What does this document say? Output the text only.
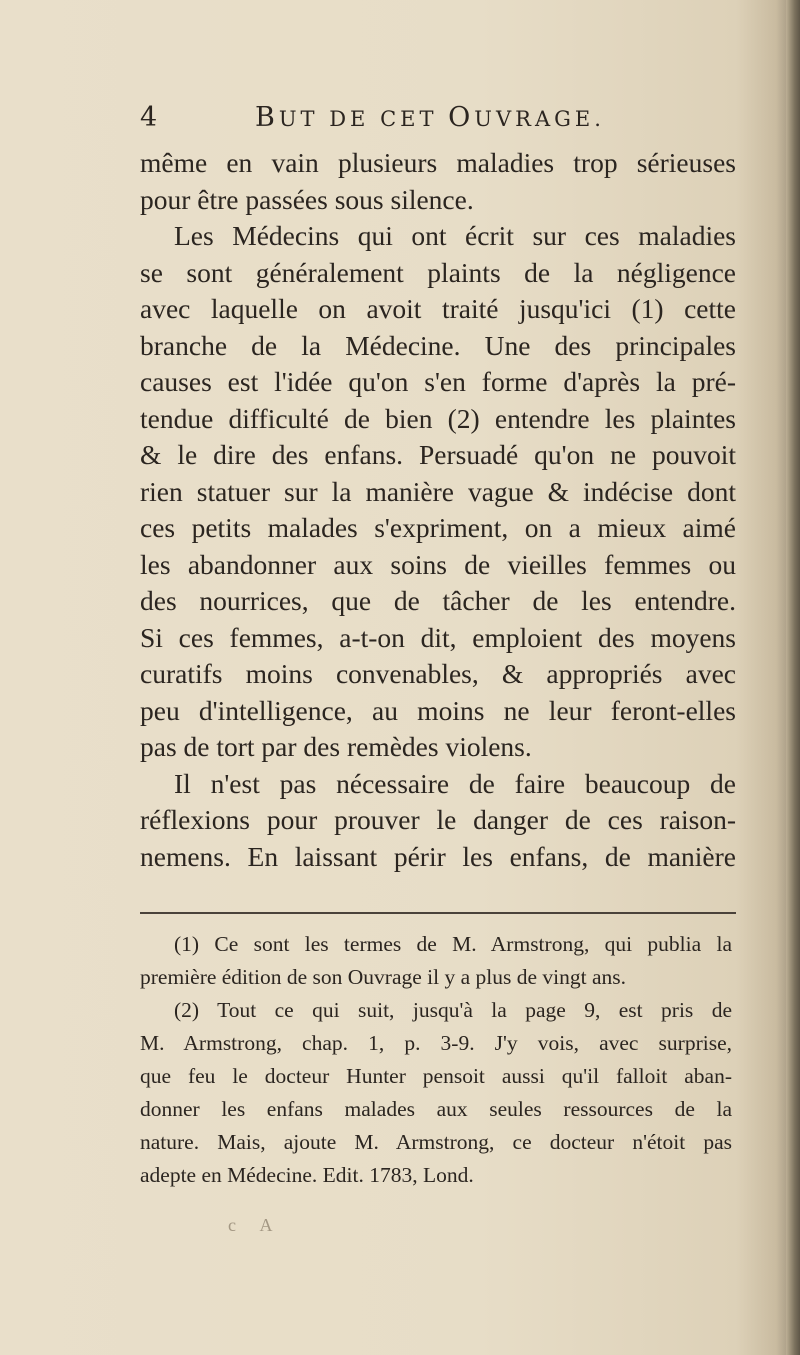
4	BUT DE CET OUVRAGE.
même en vain plusieurs maladies trop sérieuses
pour être passées sous silence.
Les Médecins qui ont écrit sur ces maladies
se sont généralement plaints de la négligence
avec laquelle on avoit traité jusqu'ici (1) cette
branche de la Médecine. Une des principales
causes est l'idée qu'on s'en forme d'après la pré-
tendue difficulté de bien (2) entendre les plaintes
& le dire des enfans. Persuadé qu'on ne pouvoit
rien statuer sur la manière vague & indécise dont
ces petits malades s'expriment, on a mieux aimé
les abandonner aux soins de vieilles femmes ou
des nourrices, que de tâcher de les entendre.
Si ces femmes, a-t-on dit, emploient des moyens
curatifs moins convenables, & appropriés avec
peu d'intelligence, au moins ne leur feront-elles
pas de tort par des remèdes violens.
Il n'est pas nécessaire de faire beaucoup de
réflexions pour prouver le danger de ces raison-
nemens. En laissant périr les enfans, de manière
(1) Ce sont les termes de M. Armstrong, qui publia la
première édition de son Ouvrage il y a plus de vingt ans.
(2) Tout ce qui suit, jusqu'à la page 9, est pris de
M. Armstrong, chap. 1, p. 3-9. J'y vois, avec surprise,
que feu le docteur Hunter pensoit aussi qu'il falloit aban-
donner les enfans malades aux seules ressources de la
nature. Mais, ajoute M. Armstrong, ce docteur n'étoit pas
adepte en Médecine. Edit. 1783, Lond.
c A
